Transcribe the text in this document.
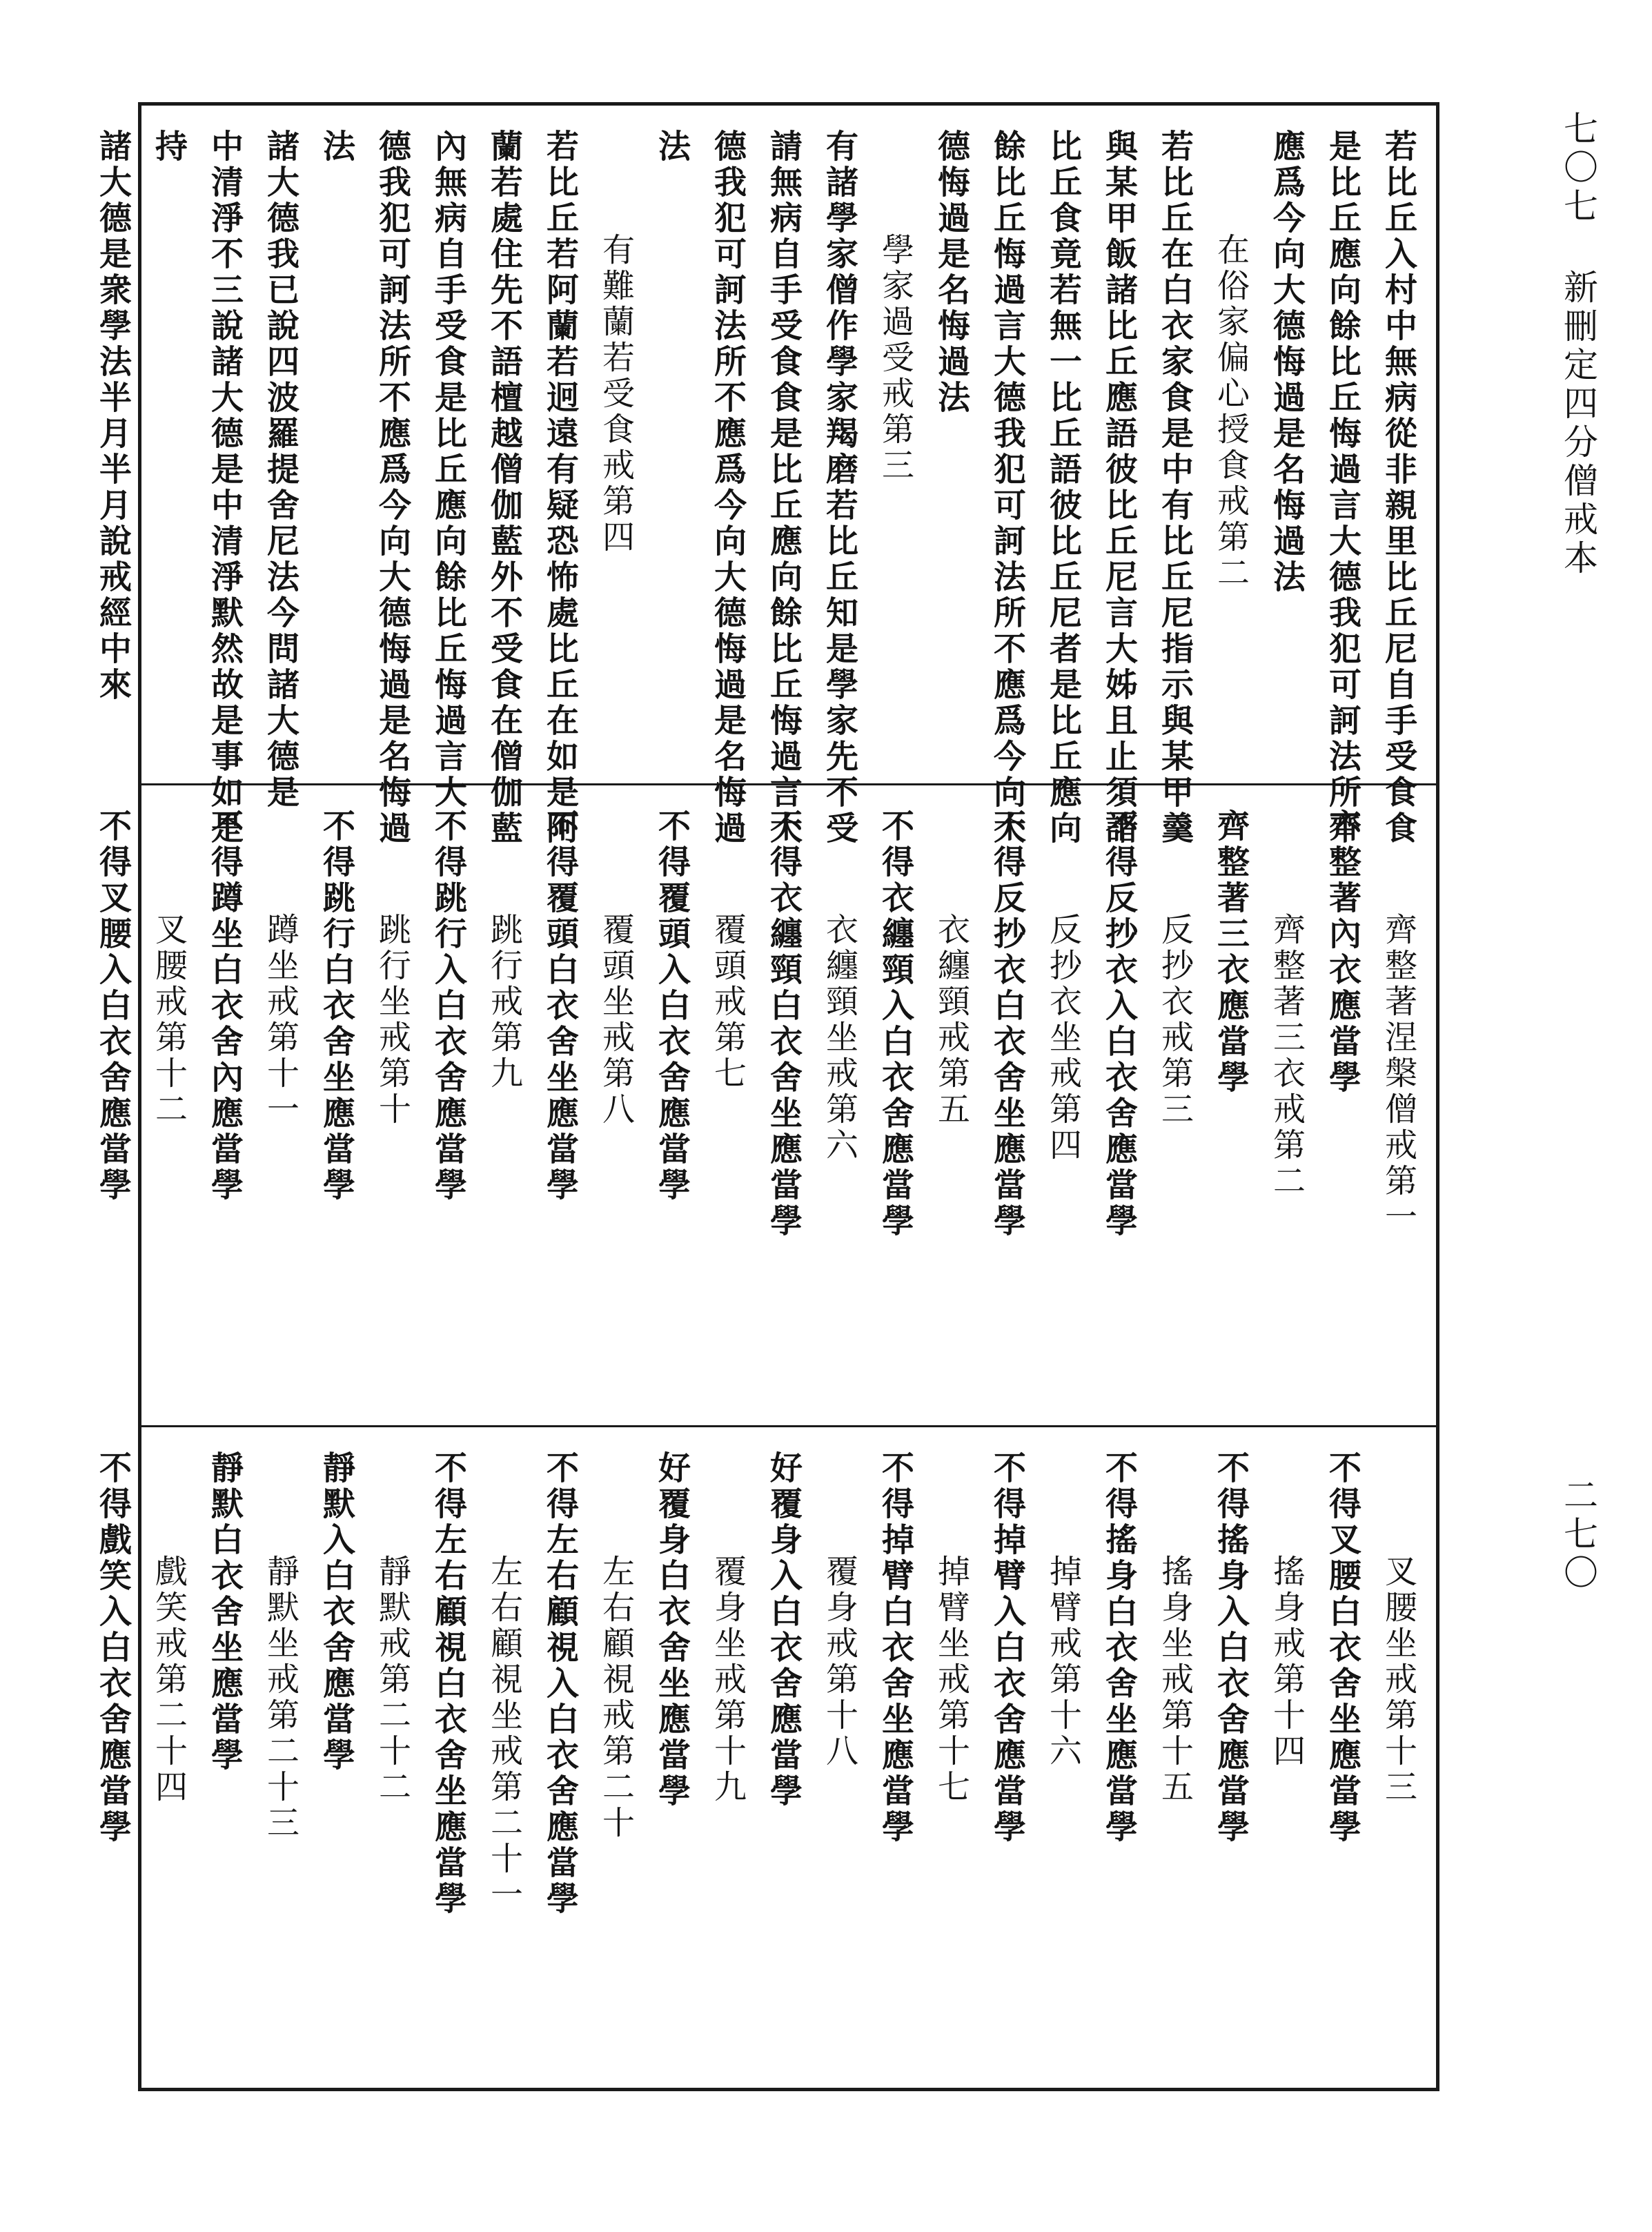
七〇七 新刪定四分僧戒本
二七〇
若比丘入村中無病從非親里比丘尼自手受食食
是比丘應向餘比丘悔過言大德我犯可訶法所不
應爲今向大德悔過是名悔過法
在俗家偏心授食戒第二
若比丘在白衣家食是中有比丘尼指示與某甲羹
與某甲飯諸比丘應語彼比丘尼言大姊且止須諸
比丘食竟若無一比丘語彼比丘尼者是比丘應向
餘比丘悔過言大德我犯可訶法所不應爲今向大
德悔過是名悔過法
學家過受戒第三
有諸學家僧作學家羯磨若比丘知是學家先不受
請無病自手受食食是比丘應向餘比丘悔過言大
德我犯可訶法所不應爲今向大德悔過是名悔過
法
有難蘭若受食戒第四
若比丘若阿蘭若迥遠有疑恐怖處比丘在如是阿
蘭若處住先不語檀越僧伽藍外不受食在僧伽藍
內無病自手受食是比丘應向餘比丘悔過言大
德我犯可訶法所不應爲今向大德悔過是名悔過
法
諸大德我已說四波羅提舍尼法今問諸大德是
中清淨不三說諸大德是中清淨默然故是事如是
持
諸大德是衆學法半月半月說戒經中來
齊整著涅槃僧戒第一
齊整著內衣應當學
齊整著三衣戒第二
齊整著三衣應當學
反抄衣戒第三
不得反抄衣入白衣舍應當學
反抄衣坐戒第四
不得反抄衣白衣舍坐應當學
衣纏頸戒第五
不得衣纏頸入白衣舍應當學
衣纏頸坐戒第六
不得衣纏頸白衣舍坐應當學
覆頭戒第七
不得覆頭入白衣舍應當學
覆頭坐戒第八
不得覆頭白衣舍坐應當學
跳行戒第九
不得跳行入白衣舍應當學
跳行坐戒第十
不得跳行白衣舍坐應當學
蹲坐戒第十一
不得蹲坐白衣舍內應當學
叉腰戒第十二
不得叉腰入白衣舍應當學
叉腰坐戒第十三
不得叉腰白衣舍坐應當學
搖身戒第十四
不得搖身入白衣舍應當學
搖身坐戒第十五
不得搖身白衣舍坐應當學
掉臂戒第十六
不得掉臂入白衣舍應當學
掉臂坐戒第十七
不得掉臂白衣舍坐應當學
覆身戒第十八
好覆身入白衣舍應當學
覆身坐戒第十九
好覆身白衣舍坐應當學
左右顧視戒第二十
不得左右顧視入白衣舍應當學
左右顧視坐戒第二十一
不得左右顧視白衣舍坐應當學
靜默戒第二十二
靜默入白衣舍應當學
靜默坐戒第二十三
靜默白衣舍坐應當學
戲笑戒第二十四
不得戲笑入白衣舍應當學
